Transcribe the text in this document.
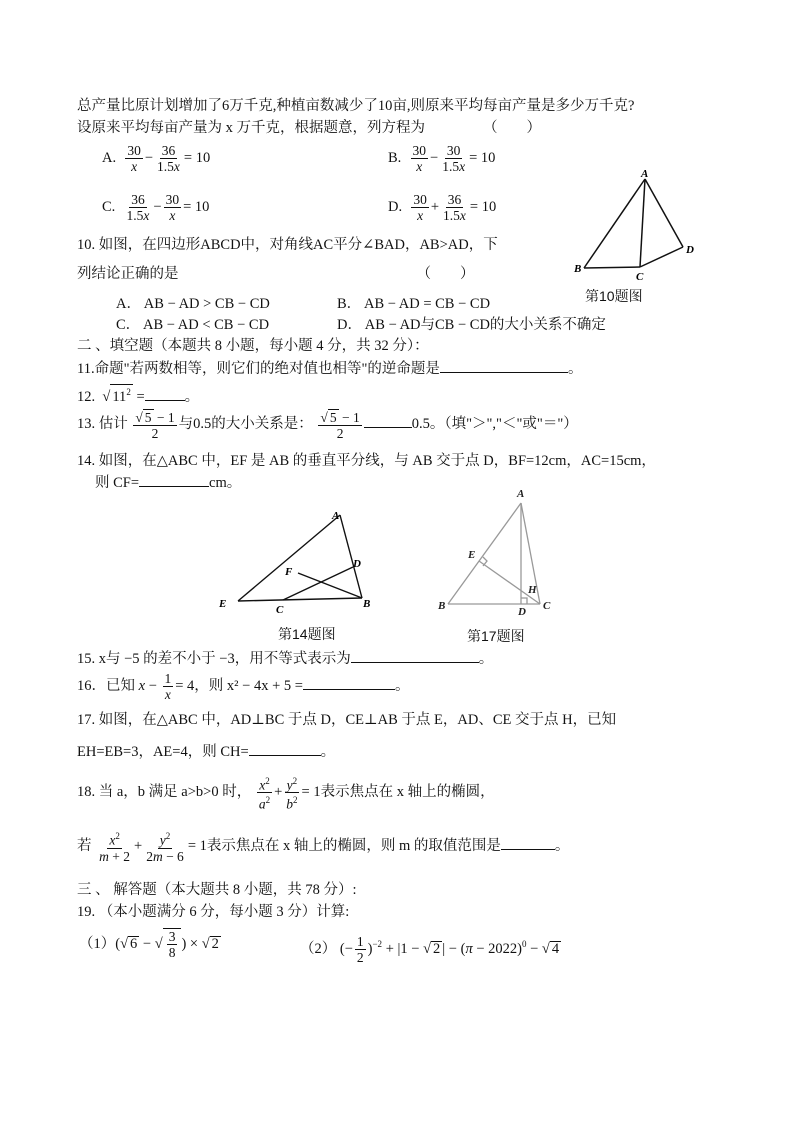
总产量比原计划增加了6万千克,种植亩数减少了10亩,则原来平均每亩产量是多少万千克?
设原来平均每亩产量为 x 万千克，根据题意，列方程为	（　　）
A. $\frac{30}{x} - \frac{36}{1.5x} = 10$	B. $\frac{30}{x} - \frac{30}{1.5x} = 10$
C. $\frac{36}{1.5x} - \frac{30}{x} = 10$	D. $\frac{30}{x} + \frac{36}{1.5x} = 10$
A
B
C
D
10. 如图，在四边形ABCD中，对角线AC平分∠BAD，AB>AD，下
列结论正确的是	（　　）
第10题图
A． AB − AD > CB − CD	B． AB − AD = CB − CD
C． AB − AD < CB − CD	D． AB − AD与CB − CD的大小关系不确定
二 、填空题（本题共 8 小题，每小题 4 分，共 32 分）：
11.命题"若两数相等，则它们的绝对值也相等"的逆命题是	。
12.  √ $11^2$ =	。
13. 估计 $\frac{√ 5 - 1}{2}$ 与0.5的大小关系是： $\frac{√ 5 - 1}{2}$	0.5。（填"＞","＜"或"＝"）
14. 如图，在△ABC 中，EF 是 AB 的垂直平分线，与 AB 交于点 D，BF=12cm，AC=15cm，
则 CF=	cm。
A
D
F
E	C	B
第14题图
A
E
H
B	D C
第17题图
15. x与 −5 的差不小于 −3，用不等式表示为	。
16．已知 $x - \frac{1}{x} = 4$，则 x² − 4x + 5 =	。
17. 如图，在△ABC 中，AD⊥BC 于点 D，CE⊥AB 于点 E，AD、CE 交于点 H，已知
EH=EB=3，AE=4，则 CH=	。
18. 当 a，b 满足 a>b>0 时， $\frac{x^2}{a^2} + \frac{y^2}{b^2} = 1$表示焦点在 x 轴上的椭圆，
若 $\frac{x^2}{m + 2} + \frac{y^2}{2m - 6} = 1$表示焦点在 x 轴上的椭圆，则 m 的取值范围是	。
三 、 解答题（本大题共 8 小题，共 78 分）:
19. （本小题满分 6 分，每小题 3 分）计算:
（1）(√ 6 − √ $\frac{3}{8}$ ) × √ 2	（2） (− $\frac{1}{2} )^{-2} + |1$ − √ 2 | − $(\pi - 2022)^0$ − √ 4
